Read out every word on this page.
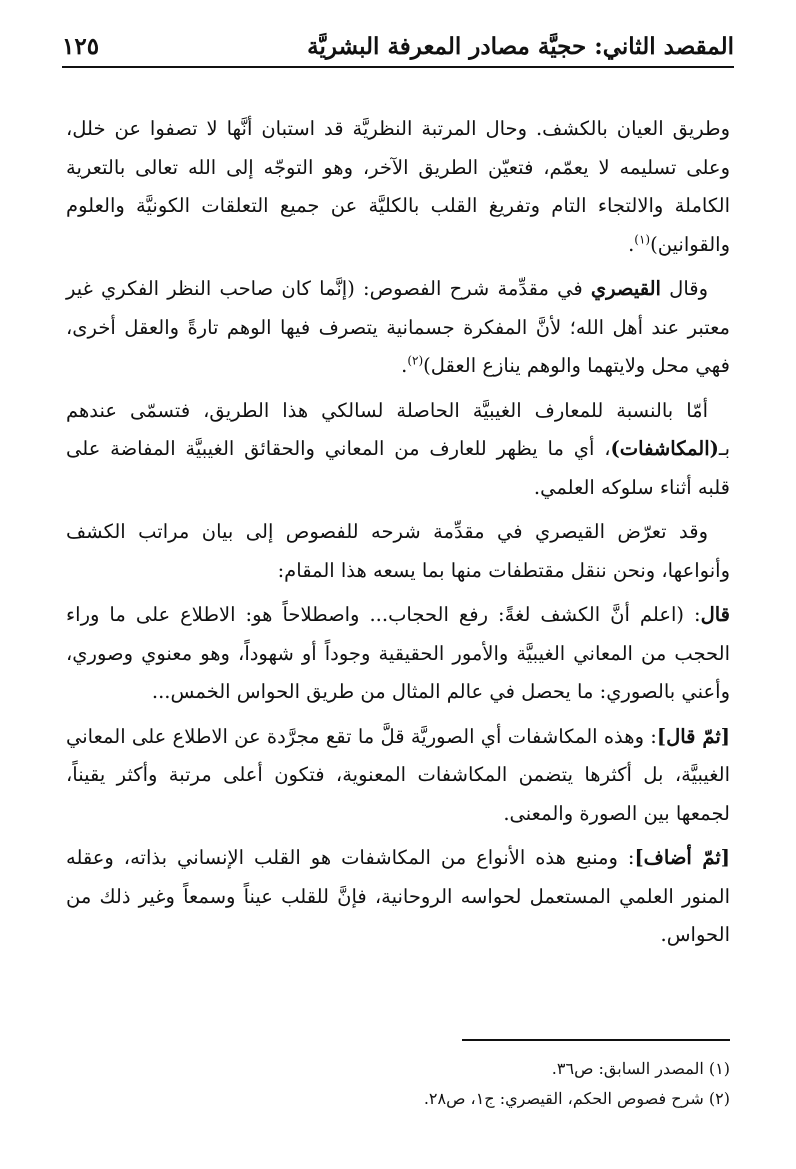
المقصد الثاني: حجيَّة مصادر المعرفة البشريَّة
١٢٥

وطريق العيان بالكشف. وحال المرتبة النظريَّة قد استبان أنَّها لا تصفوا عن خلل، وعلى تسليمه لا يعمّم، فتعيّن الطريق الآخر، وهو التوجّه إلى الله تعالى بالتعرية الكاملة والالتجاء التام وتفريغ القلب بالكليَّة عن جميع التعلقات الكونيَّة والعلوم والقوانين)$^{(١)}$.

وقال القيصري في مقدِّمة شرح الفصوص: (إنَّما كان صاحب النظر الفكري غير معتبر عند أهل الله؛ لأنَّ المفكرة جسمانية يتصرف فيها الوهم تارةً والعقل أخرى، فهي محل ولايتهما والوهم ينازع العقل)$^{(٢)}$.

أمّا بالنسبة للمعارف الغيبيَّة الحاصلة لسالكي هذا الطريق، فتسمّى عندهم بـ(المكاشفات)، أي ما يظهر للعارف من المعاني والحقائق الغيبيَّة المفاضة على قلبه أثناء سلوكه العلمي.

وقد تعرّض القيصري في مقدِّمة شرحه للفصوص إلى بيان مراتب الكشف وأنواعها، ونحن ننقل مقتطفات منها بما يسعه هذا المقام:

قال: (اعلم أنَّ الكشف لغةً: رفع الحجاب... واصطلاحاً هو: الاطلاع على ما وراء الحجب من المعاني الغيبيَّة والأمور الحقيقية وجوداً أو شهوداً، وهو معنوي وصوري، وأعني بالصوري: ما يحصل في عالم المثال من طريق الحواس الخمس...

[ثمّ قال]: وهذه المكاشفات أي الصوريَّة قلَّ ما تقع مجرَّدة عن الاطلاع على المعاني الغيبيَّة، بل أكثرها يتضمن المكاشفات المعنوية، فتكون أعلى مرتبة وأكثر يقيناً، لجمعها بين الصورة والمعنى.

[ثمّ أضاف]: ومنبع هذه الأنواع من المكاشفات هو القلب الإنساني بذاته، وعقله المنور العلمي المستعمل لحواسه الروحانية، فإنَّ للقلب عيناً وسمعاً وغير ذلك من الحواس.

(١) المصدر السابق: ص٣٦.
(٢) شرح فصوص الحكم، القيصري: ج١، ص٢٨.
